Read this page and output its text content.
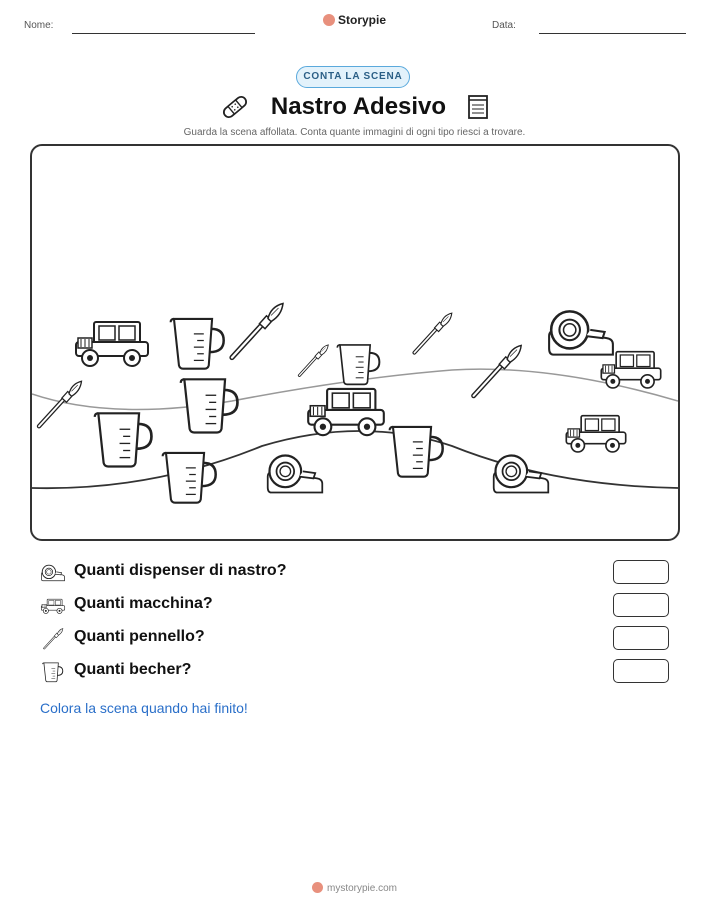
Nome:	Storypie	Data:
CONTA LA SCENA
Nastro Adesivo
Guarda la scena affollata. Conta quante immagini di ogni tipo riesci a trovare.
Quanti dispenser di nastro?
Quanti macchina?
Quanti pennello?
Quanti becher?
Colora la scena quando hai finito!
mystorypie.com
